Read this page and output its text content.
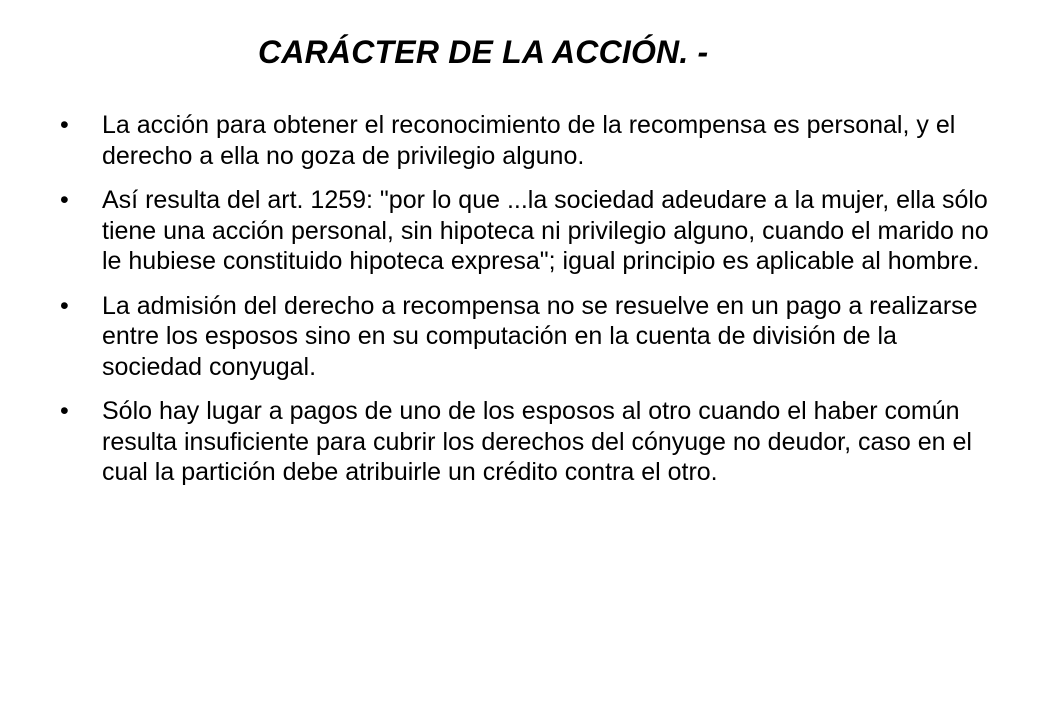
CARÁCTER DE LA ACCIÓN. -
• La acción para obtener el reconocimiento de la recompensa es personal, y el derecho a ella no goza de privilegio alguno.
• Así resulta del art. 1259: "por lo que ...la sociedad adeudare a la mujer, ella sólo tiene una acción personal, sin hipoteca ni privilegio alguno, cuando el marido no le hubiese constituido hipoteca expresa"; igual principio es aplicable al hombre.
• La admisión del derecho a recompensa no se resuelve en un pago a realizarse entre los esposos sino en su computación en la cuenta de división de la sociedad conyugal.
• Sólo hay lugar a pagos de uno de los esposos al otro cuando el haber común resulta insuficiente para cubrir los derechos del cónyuge no deudor, caso en el cual la partición debe atribuirle un crédito contra el otro.
